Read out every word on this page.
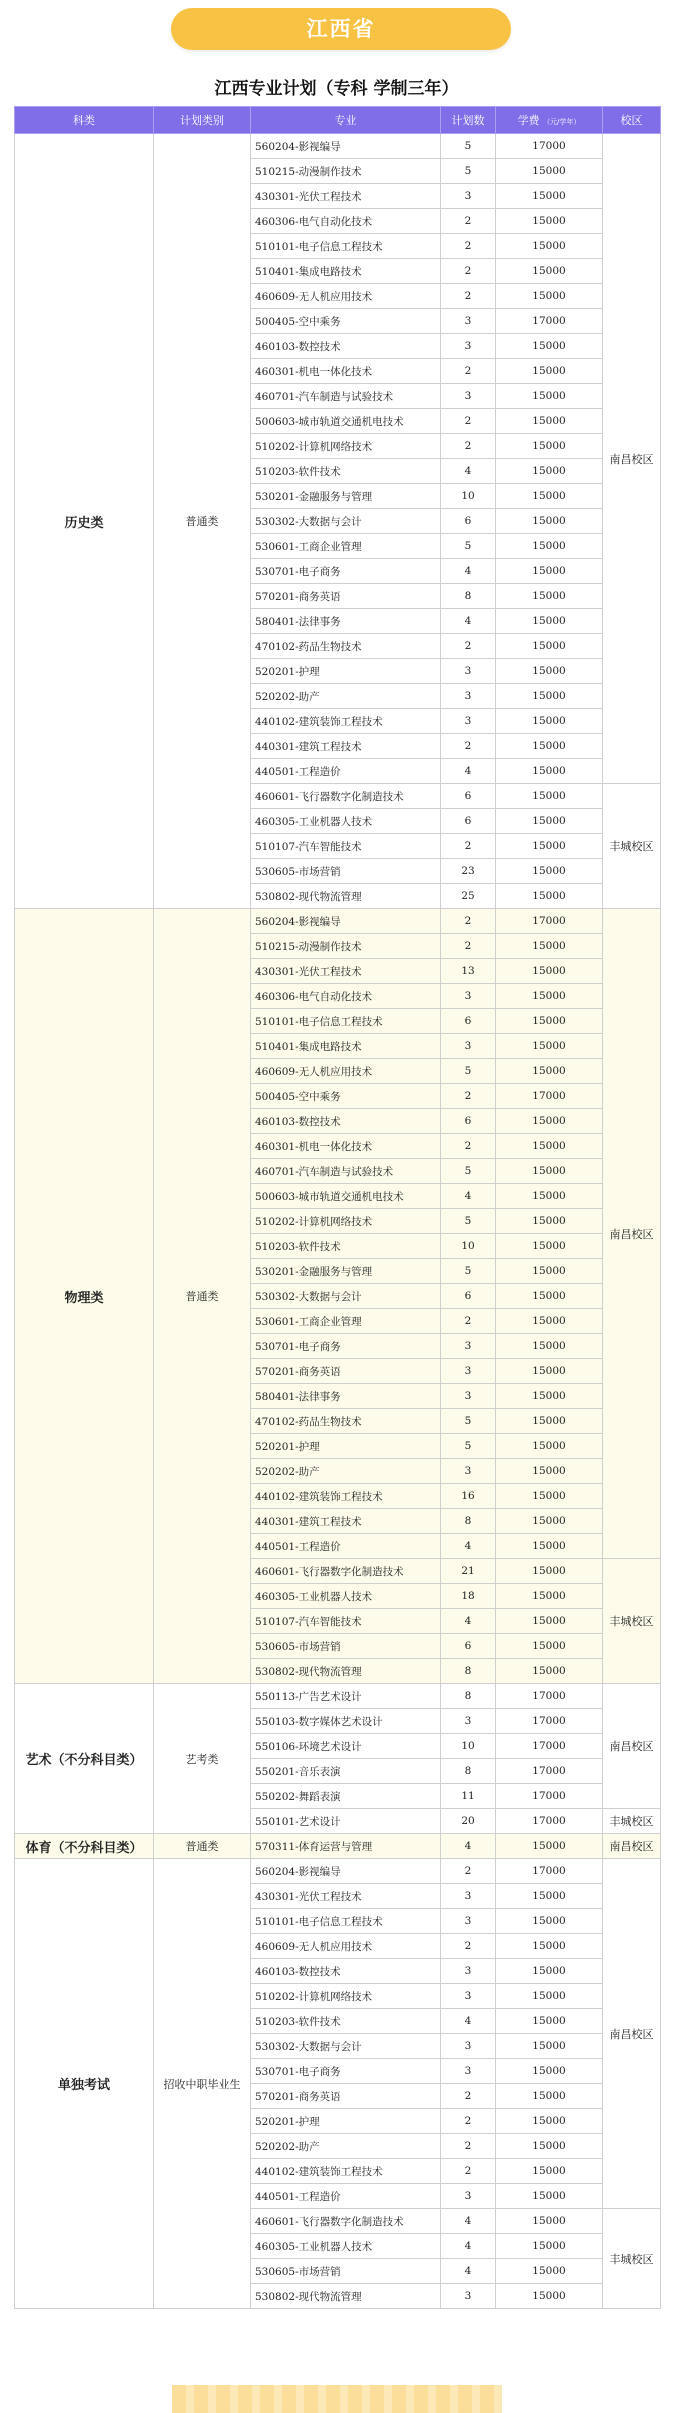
江西省
江西专业计划（专科 学制三年）
科类	计划类别	专业	计划数	学费 （元/学年）	校区
历史类	普通类	560204-影视编导	5	17000	南昌校区
		510215-动漫制作技术	5	15000	
		430301-光伏工程技术	3	15000	
		460306-电气自动化技术	2	15000	
		510101-电子信息工程技术	2	15000	
		510401-集成电路技术	2	15000	
		460609-无人机应用技术	2	15000	
		500405-空中乘务	3	17000	
		460103-数控技术	3	15000	
		460301-机电一体化技术	2	15000	
		460701-汽车制造与试验技术	3	15000	
		500603-城市轨道交通机电技术	2	15000	
		510202-计算机网络技术	2	15000	
		510203-软件技术	4	15000	
		530201-金融服务与管理	10	15000	
		530302-大数据与会计	6	15000	
		530601-工商企业管理	5	15000	
		530701-电子商务	4	15000	
		570201-商务英语	8	15000	
		580401-法律事务	4	15000	
		470102-药品生物技术	2	15000	
		520201-护理	3	15000	
		520202-助产	3	15000	
		440102-建筑装饰工程技术	3	15000	
		440301-建筑工程技术	2	15000	
		440501-工程造价	4	15000	
		460601-飞行器数字化制造技术	6	15000	丰城校区
		460305-工业机器人技术	6	15000	
		510107-汽车智能技术	2	15000	
		530605-市场营销	23	15000	
		530802-现代物流管理	25	15000	
物理类	普通类	560204-影视编导	2	17000	南昌校区
		510215-动漫制作技术	2	15000	
		430301-光伏工程技术	13	15000	
		460306-电气自动化技术	3	15000	
		510101-电子信息工程技术	6	15000	
		510401-集成电路技术	3	15000	
		460609-无人机应用技术	5	15000	
		500405-空中乘务	2	17000	
		460103-数控技术	6	15000	
		460301-机电一体化技术	2	15000	
		460701-汽车制造与试验技术	5	15000	
		500603-城市轨道交通机电技术	4	15000	
		510202-计算机网络技术	5	15000	
		510203-软件技术	10	15000	
		530201-金融服务与管理	5	15000	
		530302-大数据与会计	6	15000	
		530601-工商企业管理	2	15000	
		530701-电子商务	3	15000	
		570201-商务英语	3	15000	
		580401-法律事务	3	15000	
		470102-药品生物技术	5	15000	
		520201-护理	5	15000	
		520202-助产	3	15000	
		440102-建筑装饰工程技术	16	15000	
		440301-建筑工程技术	8	15000	
		440501-工程造价	4	15000	
		460601-飞行器数字化制造技术	21	15000	丰城校区
		460305-工业机器人技术	18	15000	
		510107-汽车智能技术	4	15000	
		530605-市场营销	6	15000	
		530802-现代物流管理	8	15000	
艺术（不分科目类）	艺考类	550113-广告艺术设计	8	17000	南昌校区
		550103-数字媒体艺术设计	3	17000	
		550106-环境艺术设计	10	17000	
		550201-音乐表演	8	17000	
		550202-舞蹈表演	11	17000	
		550101-艺术设计	20	17000	丰城校区
体育（不分科目类）	普通类	570311-体育运营与管理	4	15000	南昌校区
单独考试	招收中职毕业生	560204-影视编导	2	17000	南昌校区
		430301-光伏工程技术	3	15000	
		510101-电子信息工程技术	3	15000	
		460609-无人机应用技术	2	15000	
		460103-数控技术	3	15000	
		510202-计算机网络技术	3	15000	
		510203-软件技术	4	15000	
		530302-大数据与会计	3	15000	
		530701-电子商务	3	15000	
		570201-商务英语	2	15000	
		520201-护理	2	15000	
		520202-助产	2	15000	
		440102-建筑装饰工程技术	2	15000	
		440501-工程造价	3	15000	
		460601-飞行器数字化制造技术	4	15000	丰城校区
		460305-工业机器人技术	4	15000	
		530605-市场营销	4	15000	
		530802-现代物流管理	3	15000	
